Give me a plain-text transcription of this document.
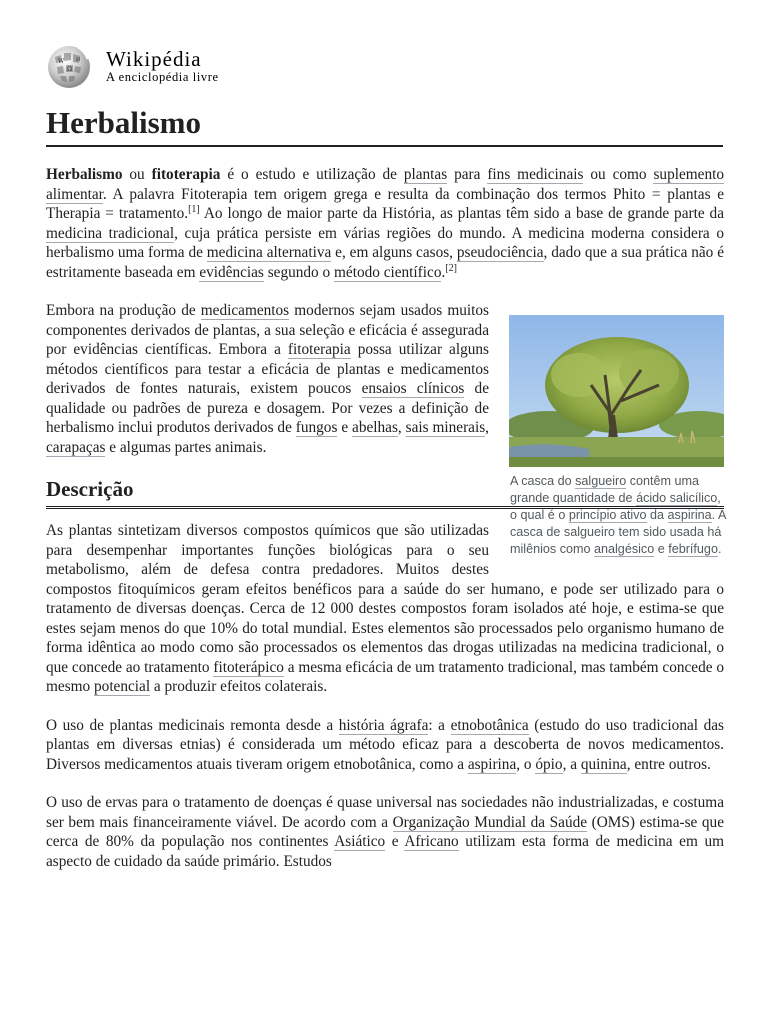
W
Ω
И Wikipédia
A enciclopédia livre
Herbalismo

Herbalismo ou fitoterapia é o estudo e utilização de plantas para fins medicinais ou como suplemento alimentar. A palavra Fitoterapia tem origem grega e resulta da combinação dos termos Phito = plantas e Therapia = tratamento.[1] Ao longo de maior parte da História, as plantas têm sido a base de grande parte da medicina tradicional, cuja prática persiste em várias regiões do mundo. A medicina moderna considera o herbalismo uma forma de medicina alternativa e, em alguns casos, pseudociência, dado que a sua prática não é estritamente baseada em evidências segundo o método científico.[2]

A casca do salgueiro contêm uma grande quantidade de ácido salicílico, o qual é o princípio ativo da aspirina. A casca de salgueiro tem sido usada há milênios como analgésico e febrífugo.

Embora na produção de medicamentos modernos sejam usados muitos componentes derivados de plantas, a sua seleção e eficácia é assegurada por evidências científicas. Embora a fitoterapia possa utilizar alguns métodos científicos para testar a eficácia de plantas e medicamentos derivados de fontes naturais, existem poucos ensaios clínicos de qualidade ou padrões de pureza e dosagem. Por vezes a definição de herbalismo inclui produtos derivados de fungos e abelhas, sais minerais, carapaças e algumas partes animais.

Descrição

As plantas sintetizam diversos compostos químicos que são utilizadas para desempenhar importantes funções biológicas para o seu metabolismo, além de defesa contra predadores. Muitos destes compostos fitoquímicos geram efeitos benéficos para a saúde do ser humano, e pode ser utilizado para o tratamento de diversas doenças. Cerca de 12 000 destes compostos foram isolados até hoje, e estima-se que estes sejam menos do que 10% do total mundial. Estes elementos são processados pelo organismo humano de forma idêntica ao modo como são processados os elementos das drogas utilizadas na medicina tradicional, o que concede ao tratamento fitoterápico a mesma eficácia de um tratamento tradicional, mas também concede o mesmo potencial a produzir efeitos colaterais.

O uso de plantas medicinais remonta desde a história ágrafa: a etnobotânica (estudo do uso tradicional das plantas em diversas etnias) é considerada um método eficaz para a descoberta de novos medicamentos. Diversos medicamentos atuais tiveram origem etnobotânica, como a aspirina, o ópio, a quinina, entre outros.

O uso de ervas para o tratamento de doenças é quase universal nas sociedades não industrializadas, e costuma ser bem mais financeiramente viável. De acordo com a Organização Mundial da Saúde (OMS) estima-se que cerca de 80% da população nos continentes Asiático e Africano utilizam esta forma de medicina em um aspecto de cuidado da saúde primário. Estudos
